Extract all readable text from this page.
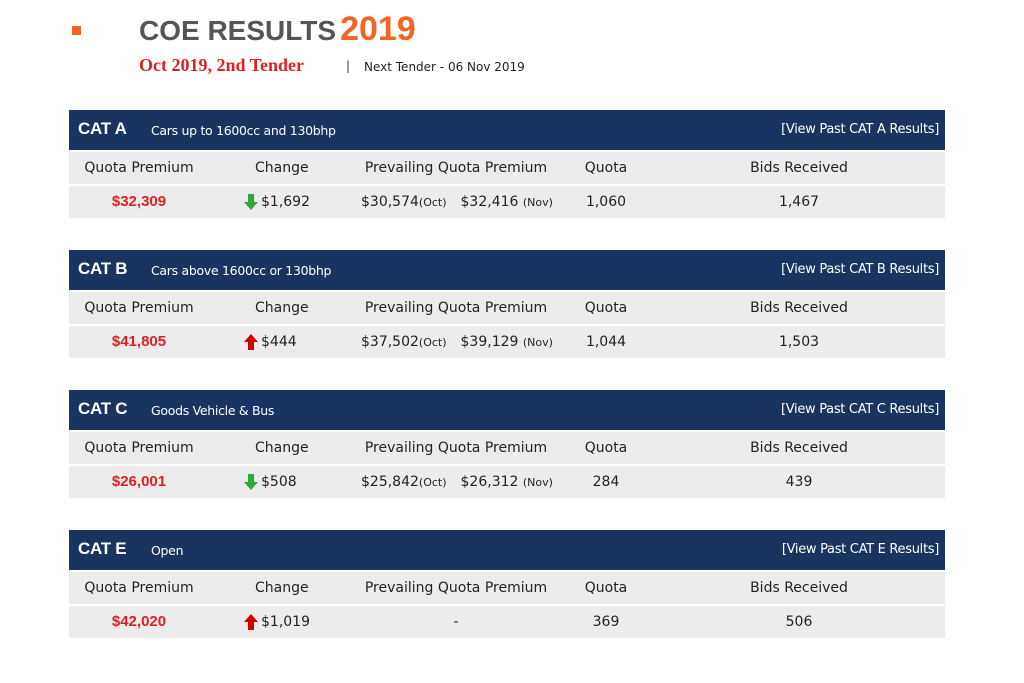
COE RESULTS 2019
Oct 2019, 2nd Tender	| Next Tender - 06 Nov 2019
CAT A Cars up to 1600cc and 130bhp	[View Past CAT A Results]
Quota Premium	Change	Prevailing Quota Premium	Quota	Bids Received
$32,309	$1,692	$30,574(Oct) $32,416 (Nov)	1,060	1,467
CAT B Cars above 1600cc or 130bhp	[View Past CAT B Results]
Quota Premium	Change	Prevailing Quota Premium	Quota	Bids Received
$41,805	$444	$37,502(Oct) $39,129 (Nov)	1,044	1,503
CAT C Goods Vehicle & Bus	[View Past CAT C Results]
Quota Premium	Change	Prevailing Quota Premium	Quota	Bids Received
$26,001	$508	$25,842(Oct) $26,312 (Nov)	284	439
CAT E Open	[View Past CAT E Results]
Quota Premium	Change	Prevailing Quota Premium	Quota	Bids Received
$42,020	$1,019	-	369	506
